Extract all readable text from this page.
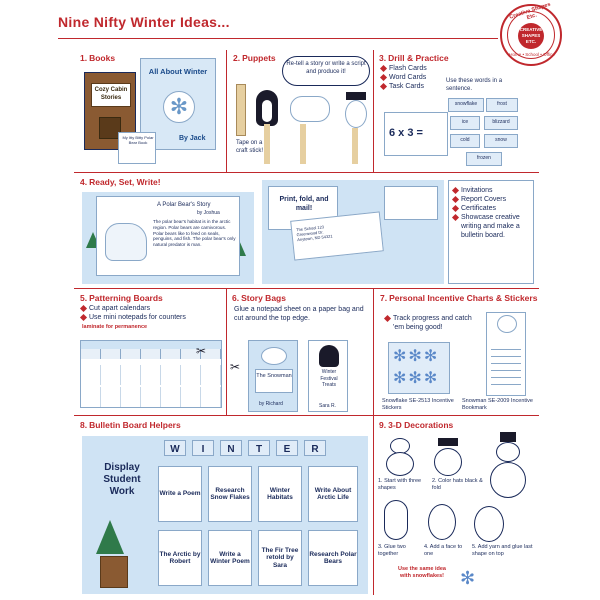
Nine Nifty Winter Ideas...
Creative Shapes Etc.
CREATIVE SHAPES ETC.
Home • School • Office
1. Books
Cozy Cabin Stories
All About Winter
✻
By Jack
My Itty Bitty Polar Bear Book
2. Puppets
Re-tell a story or write a script and produce it!
Tape on a craft stick!
3. Drill & Practice
Flash Cards
Word Cards
Task Cards
Use these words in a sentence.
6 x 3 =
snowflake	frost
blizzard
ice
cold	snow
frozen
4. Ready, Set, Write!
A Polar Bear's Story
by Joshua
The polar bear's habitat is in the arctic region. Polar bears are carnivorous. Polar bears like to feed on seals, penguins, and fish. The polar bear's only natural predator is man.
Print, fold, and mail!
The School 123 Greenwood Dr. Anytown, ND 54321
Invitations
Report Covers
Certificates
Showcase creative writing and make a bulletin board.
5. Patterning Boards
Cut apart calendars
Use mini notepads for counters
laminate for permanence
✂
6. Story Bags
Glue a notepad sheet on a paper bag and cut around the top edge.
The Snowman
by Richard
✂	Winter Festival Treats
Sara R.
7. Personal Incentive Charts & Stickers
Track progress and catch 'em being good!
✻✻✻
✻✻✻
Snowflake SE-2513 Incentive Stickers
Snowman SE-2009 Incentive Bookmark
8. Bulletin Board Helpers
W	I	N	T	E	R
Display Student Work	Write a Poem
Research Snow Flakes
Winter Habitats
Write About Arctic Life
The Arctic by Robert
Write a Winter Poem
The Fir Tree retold by Sara
Research Polar Bears
9. 3-D Decorations
1. Start with three shapes
2. Color hats black & fold
3. Glue two together
4. Add a face to one
5. Add yarn and glue last shape on top
Use the same idea with snowflakes! ✻
